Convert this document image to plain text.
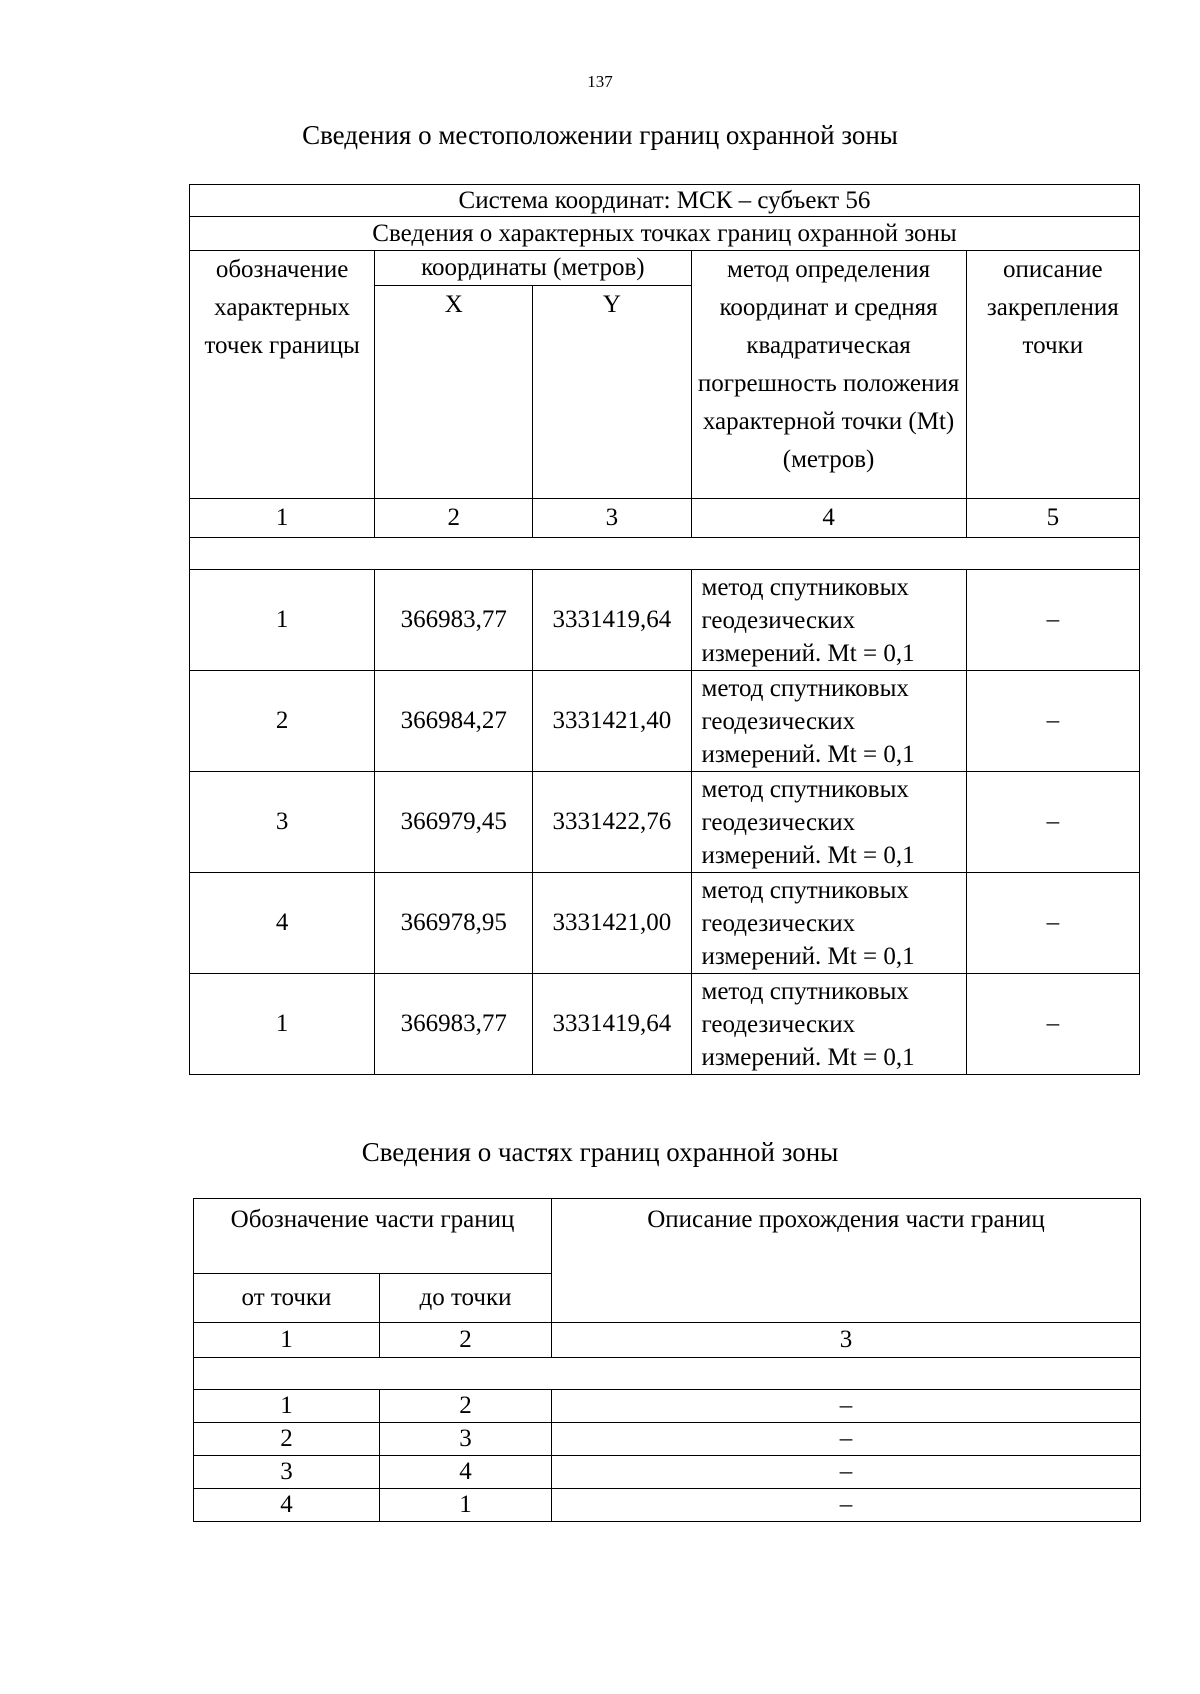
137
Сведения о местоположении границ охранной зоны
Система координат: МСК – субъект 56				
Сведения о характерных точках границ охранной зоны				
обозначение характерных точек границы	координаты (метров)		метод определения координат и средняя квадратическая погрешность положения характерной точки (Mt) (метров)	описание закрепления точки
	X	Y		
1	2	3	4	5

1	366983,77	3331419,64	метод спутниковых геодезических измерений. Mt = 0,1	–
2	366984,27	3331421,40	метод спутниковых геодезических измерений. Mt = 0,1	–
3	366979,45	3331422,76	метод спутниковых геодезических измерений. Mt = 0,1	–
4	366978,95	3331421,00	метод спутниковых геодезических измерений. Mt = 0,1	–
1	366983,77	3331419,64	метод спутниковых геодезических измерений. Mt = 0,1	–
Сведения о частях границ охранной зоны
Обозначение части границ		Описание прохождения части границ
от точки	до точки	
1	2	3

1	2	–
2	3	–
3	4	–
4	1	–
